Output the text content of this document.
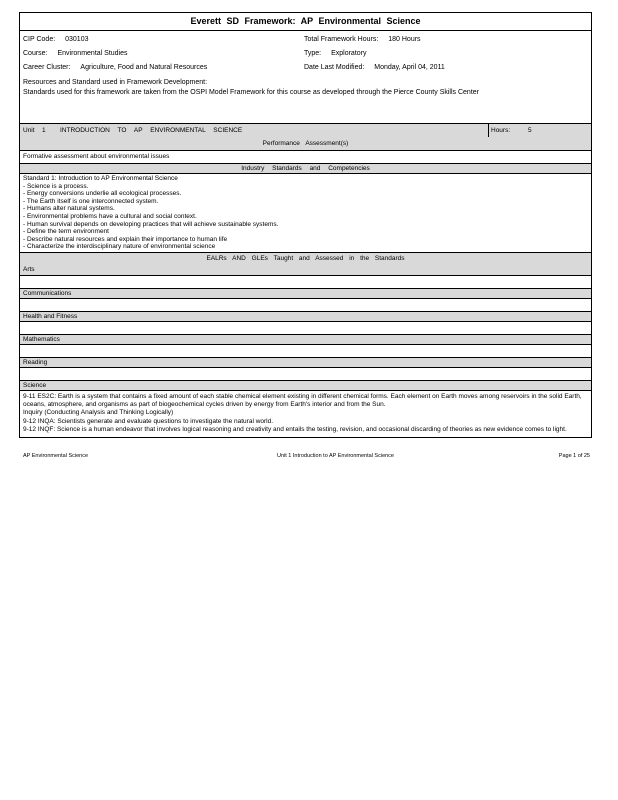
Everett SD Framework: AP Environmental Science
CIP Code: 030103	Total Framework Hours: 180 Hours
Course: Environmental Studies	Type: Exploratory
Career Cluster: Agriculture, Food and Natural Resources	Date Last Modified: Monday, April 04, 2011
Resources and Standard used in Framework Development:
Standards used for this framework are taken from the OSPI Model Framework for this course as developed through the Pierce County Skills Center
Unit 1 INTRODUCTION TO AP ENVIRONMENTAL SCIENCE	Hours:	5
Performance Assessment(s)
Formative assessment about environmental issues
Industry Standards and Competencies
Standard 1: Introduction to AP Environmental Science
- Science is a process.
- Energy conversions underlie all ecological processes.
- The Earth itself is one interconnected system.
- Humans alter natural systems.
- Environmental problems have a cultural and social context.
- Human survival depends on developing practices that will achieve sustainable systems.
- Define the term environment
- Describe natural resources and explain their importance to human life
- Characterize the interdisciplinary nature of environmental science
EALRs AND GLEs Taught and Assessed in the Standards
Arts
Communications
Health and Fitness
Mathematics
Reading
Science

9-11 ES2C: Earth is a system that contains a fixed amount of each stable chemical element existing in different chemical forms. Each element on Earth moves among reservoirs in the solid Earth, oceans, atmosphere, and organisms as part of biogeochemical cycles driven by energy from Earth's interior and from the Sun.

Inquiry (Conducting Analysis and Thinking Logically)

9-12 INQA: Scientists generate and evaluate questions to investigate the natural world.

9-12 INQF: Science is a human endeavor that involves logical reasoning and creativity and entails the testing, revision, and occasional discarding of theories as new evidence comes to light.

AP Environmental Science	Unit 1 Introduction to AP Environmental Science	Page 1 of 25
